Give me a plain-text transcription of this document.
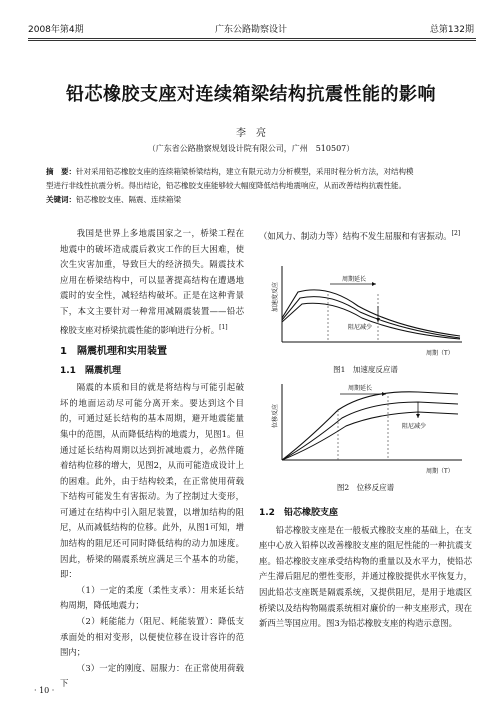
2008年第4期	广东公路勘察设计	总第132期
铅芯橡胶支座对连续箱梁结构抗震性能的影响
李　亮
（广东省公路勘察规划设计院有限公司，广州　510507）
摘　要：针对采用铅芯橡胶支座的连续箱梁桥梁结构，建立有限元动力分析模型，采用时程分析方法，对结构模
型进行非线性抗震分析。得出结论，铅芯橡胶支座能够较大幅度降低结构地震响应，从而改善结构抗震性能。
关键词：铅芯橡胶支座、隔震、连续箱梁

我国是世界上多地震国家之一，桥梁工程在地震中的破坏造成震后救灾工作的巨大困难，使次生灾害加重，导致巨大的经济损失。隔震技术应用在桥梁结构中，可以显著提高结构在遭遇地震时的安全性，减轻结构破坏。正是在这种背景下，本文主要针对一种常用减隔震装置——铅芯橡胶支座对桥梁抗震性能的影响进行分析。[1]

1　隔震机理和实用装置
1.1　隔震机理

隔震的本质和目的就是将结构与可能引起破坏的地面运动尽可能分离开来。要达到这个目的，可通过延长结构的基本周期，避开地震能量集中的范围，从而降低结构的地震力，见图1。但通过延长结构周期以达到折减地震力，必然伴随着结构位移的增大，见图2，从而可能造成设计上的困难。此外，由于结构较柔，在正常使用荷载下结构可能发生有害振动。为了控制过大变形，可通过在结构中引入阻尼装置，以增加结构的阻尼，从而减低结构的位移。此外，从图1可知，增加结构的阻尼还可同时降低结构的动力加速度。因此，桥梁的隔震系统应满足三个基本的功能，即：

（1）一定的柔度（柔性支承）：用来延长结构周期，降低地震力；

（2）耗能能力（阻尼、耗能装置）：降低支承面处的相对变形，以便使位移在设计容许的范围内；

（3）一定的刚度、屈服力：在正常使用荷载下

· 10 ·

（如风力、制动力等）结构不发生屈服和有害振动。[2]

周期延长
阻尼减少
周期（T）
加速度反应
图1　加速度反应谱
周期延长
阻尼减少
周期（T）
位移反应
图2　位移反应谱
1.2　铅芯橡胶支座

铅芯橡胶支座是在一般板式橡胶支座的基础上，在支座中心放入铅棒以改善橡胶支座的阻尼性能的一种抗震支座。铅芯橡胶支座承受结构物的重量以及水平力，使铅芯产生滞后阻尼的塑性变形，并通过橡胶提供水平恢复力，因此铅芯支座既是隔震系统，又提供阻尼，是用于地震区桥梁以及结构物隔震系统相对廉价的一种支座形式，现在新西兰等国应用。图3为铅芯橡胶支座的构造示意图。
